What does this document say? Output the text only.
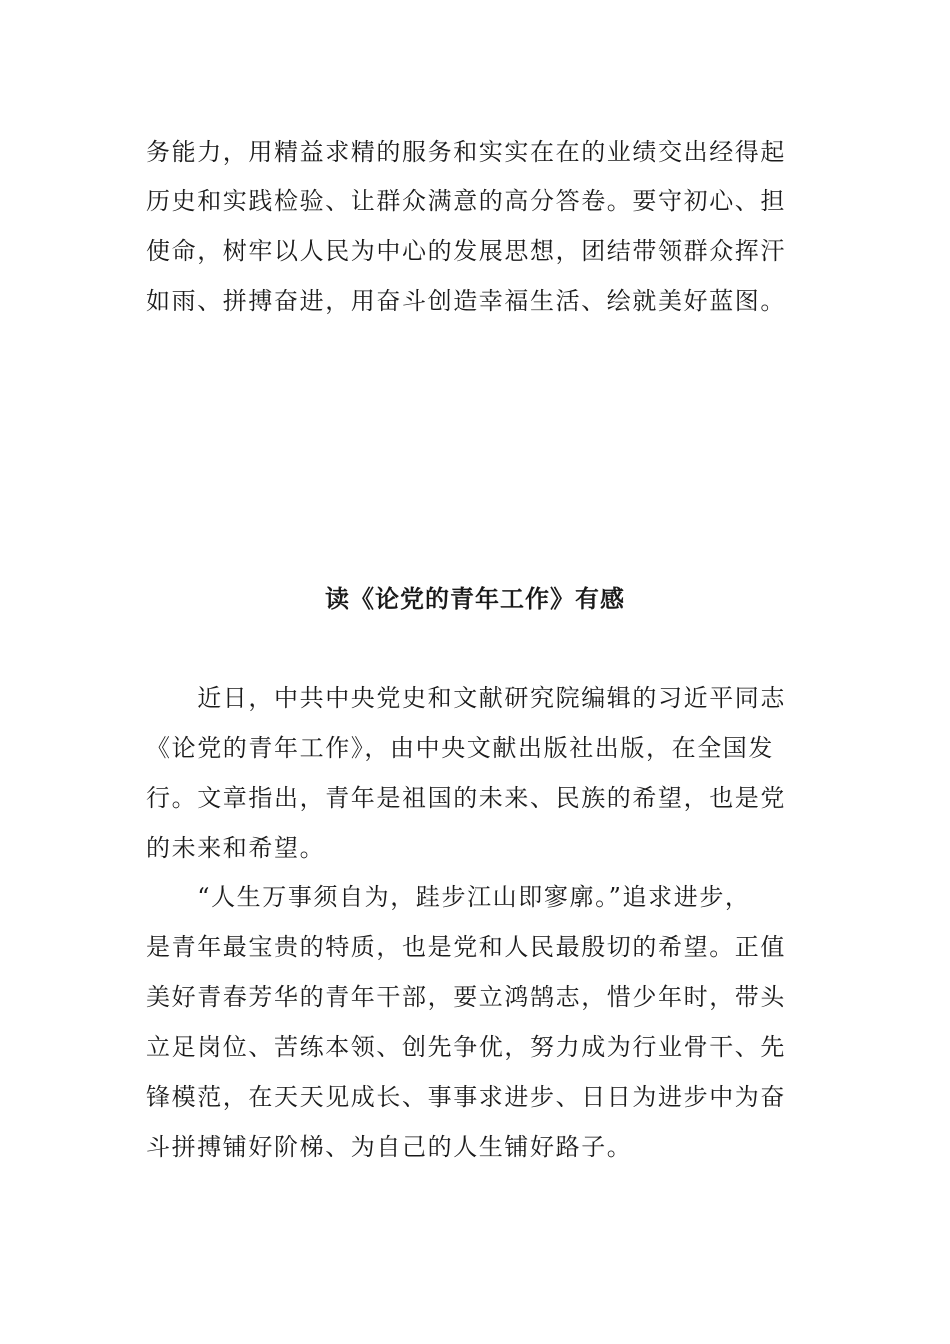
务能力，用精益求精的服务和实实在在的业绩交出经得起
历史和实践检验、让群众满意的高分答卷。要守初心、担
使命，树牢以人民为中心的发展思想，团结带领群众挥汗
如雨、拼搏奋进，用奋斗创造幸福生活、绘就美好蓝图。
读《论党的青年工作》有感
　　近日，中共中央党史和文献研究院编辑的习近平同志
《论党的青年工作》，由中央文献出版社出版，在全国发
行。文章指出，青年是祖国的未来、民族的希望，也是党
的未来和希望。
　　“人生万事须自为，跬步江山即寥廓。”追求进步，
是青年最宝贵的特质，也是党和人民最殷切的希望。正值
美好青春芳华的青年干部，要立鸿鹄志，惜少年时，带头
立足岗位、苦练本领、创先争优，努力成为行业骨干、先
锋模范，在天天见成长、事事求进步、日日为进步中为奋
斗拼搏铺好阶梯、为自己的人生铺好路子。
